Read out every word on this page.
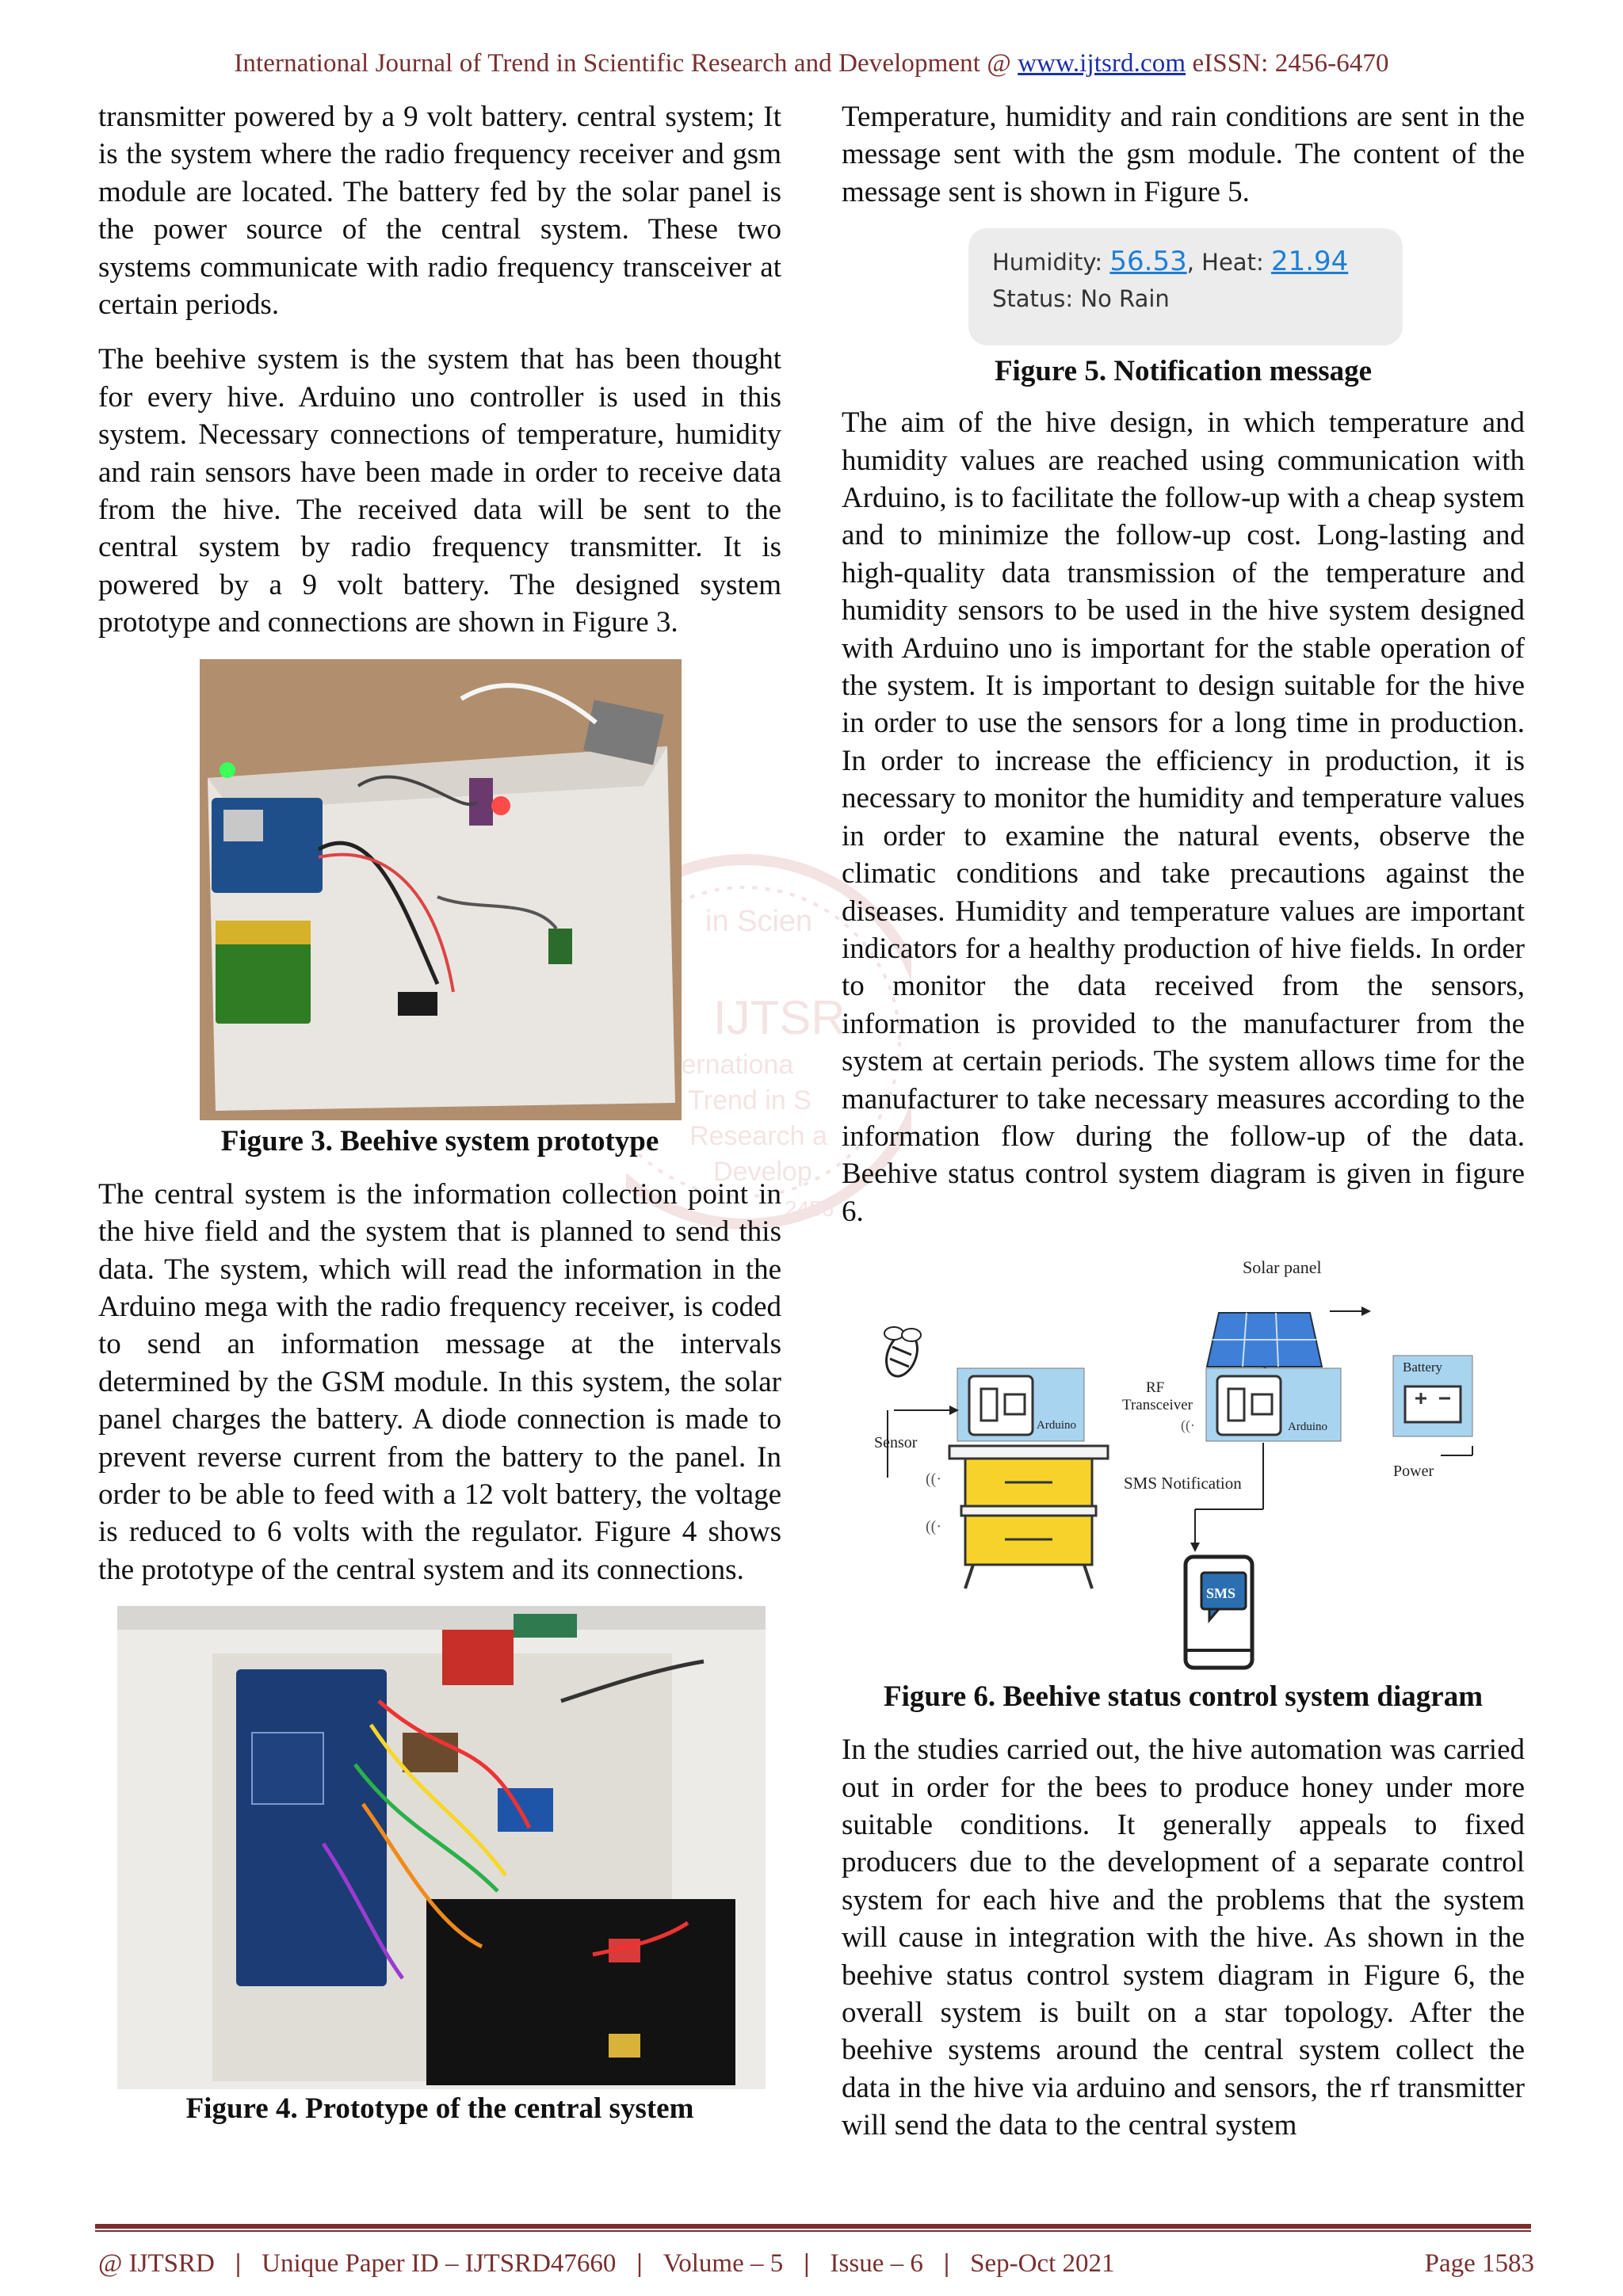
International Journal of Trend in Scientific Research and Development @ www.ijtsrd.com eISSN: 2456-6470
in Scien
IJTSR
ternationa
f Trend in S
Research a
Develop
2456

transmitter powered by a 9 volt battery. central system; It is the system where the radio frequency receiver and gsm module are located. The battery fed by the solar panel is the power source of the central system. These two systems communicate with radio frequency transceiver at certain periods.

The beehive system is the system that has been thought for every hive. Arduino uno controller is used in this system. Necessary connections of temperature, humidity and rain sensors have been made in order to receive data from the hive. The received data will be sent to the central system by radio frequency transmitter. It is powered by a 9 volt battery. The designed system prototype and connections are shown in Figure 3.

Figure 3. Beehive system prototype

The central system is the information collection point in the hive field and the system that is planned to send this data. The system, which will read the information in the Arduino mega with the radio frequency receiver, is coded to send an information message at the intervals determined by the GSM module. In this system, the solar panel charges the battery. A diode connection is made to prevent reverse current from the battery to the panel. In order to be able to feed with a 12 volt battery, the voltage is reduced to 6 volts with the regulator. Figure 4 shows the prototype of the central system and its connections.

Figure 4. Prototype of the central system

Temperature, humidity and rain conditions are sent in the message sent with the gsm module. The content of the message sent is shown in Figure 5.

Humidity: 56.53, Heat: 21.94
Status: No Rain

Figure 5. Notification message

The aim of the hive design, in which temperature and humidity values are reached using communication with Arduino, is to facilitate the follow-up with a cheap system and to minimize the follow-up cost. Long-lasting and high-quality data transmission of the temperature and humidity sensors to be used in the hive system designed with Arduino uno is important for the stable operation of the system. It is important to design suitable for the hive in order to use the sensors for a long time in production. In order to increase the efficiency in production, it is necessary to monitor the humidity and temperature values in order to examine the natural events, observe the climatic conditions and take precautions against the diseases. Humidity and temperature values are important indicators for a healthy production of hive fields. In order to monitor the data received from the sensors, information is provided to the manufacturer from the system at certain periods. The system allows time for the manufacturer to take necessary measures according to the information flow during the follow-up of the data. Beehive status control system diagram is given in figure 6.

Solar panel
Arduino
RF
Transceiver
((·	Arduino
Battery
Power
Sensor
((·
((·
SMS Notification
SMS

Figure 6. Beehive status control system diagram

In the studies carried out, the hive automation was carried out in order for the bees to produce honey under more suitable conditions. It generally appeals to fixed producers due to the development of a separate control system for each hive and the problems that the system will cause in integration with the hive. As shown in the beehive status control system diagram in Figure 6, the overall system is built on a star topology. After the beehive systems around the central system collect the data in the hive via arduino and sensors, the rf transmitter will send the data to the central system

@ IJTSRD | Unique Paper ID – IJTSRD47660 | Volume – 5 | Issue – 6 | Sep-Oct 2021	Page 1583
